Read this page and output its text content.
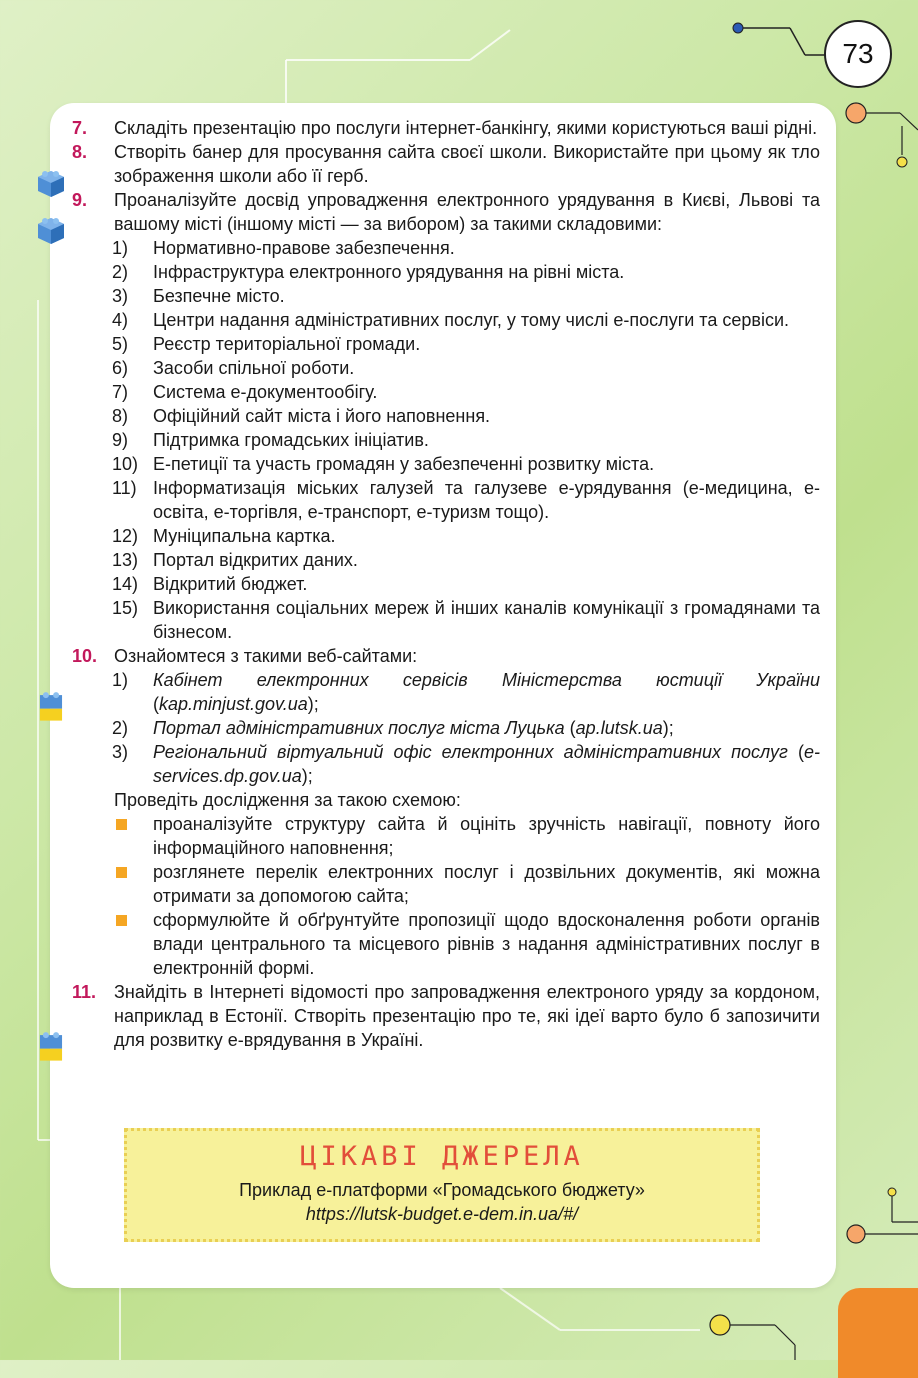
73
7. Складіть презентацію про послуги інтернет-банкінгу, якими користуються ваші рідні.
8. Створіть банер для просування сайта своєї школи. Використайте при цьому як тло зображення школи або її герб.
9. Проаналізуйте досвід упровадження електронного урядування в Києві, Львові та вашому місті (іншому місті — за вибором) за такими складовими:
1)	Нормативно-правове забезпечення.
2)	Інфраструктура електронного урядування на рівні міста.
3)	Безпечне місто.
4)	Центри надання адміністративних послуг, у тому числі е-послуги та сервіси.
5)	Реєстр територіальної громади.
6)	Засоби спільної роботи.
7)	Система е-документообігу.
8)	Офіційний сайт міста і його наповнення.
9)	Підтримка громадських ініціатив.
10) Е-петиції та участь громадян у забезпеченні розвитку міста.
11) Інформатизація міських галузей та галузеве е-урядування (е-медицина, е-освіта, е-торгівля, е-транспорт, е-туризм тощо).
12) Муніципальна картка.
13) Портал відкритих даних.
14) Відкритий бюджет.
15) Використання соціальних мереж й інших каналів комунікації з громадянами та бізнесом.
10. Ознайомтеся з такими веб-сайтами:
1)	Кабінет електронних сервісів Міністерства юстиції України (kap.minjust.gov.ua);
2)	Портал адміністративних послуг міста Луцька (ap.lutsk.ua);
3)	Регіональний віртуальний офіс електронних адміністративних послуг (e-services.dp.gov.ua);
Проведіть дослідження за такою схемою:
проаналізуйте структуру сайта й оцініть зручність навігації, повноту його інформаційного наповнення;
розглянете перелік електронних послуг і дозвільних документів, які можна отримати за допомогою сайта;
сформулюйте й обґрунтуйте пропозиції щодо вдосконалення роботи органів влади центрального та місцевого рівнів з надання адміністративних послуг в електронній формі.
11. Знайдіть в Інтернеті відомості про запровадження електроного уряду за кордоном, наприклад в Естонії. Створіть презентацію про те, які ідеї варто було б запозичити для розвитку е-врядування в Україні.
ЦІКАВІ ДЖЕРЕЛА
Приклад е-платформи «Громадського бюджету»
https://lutsk-budget.e-dem.in.ua/#/
